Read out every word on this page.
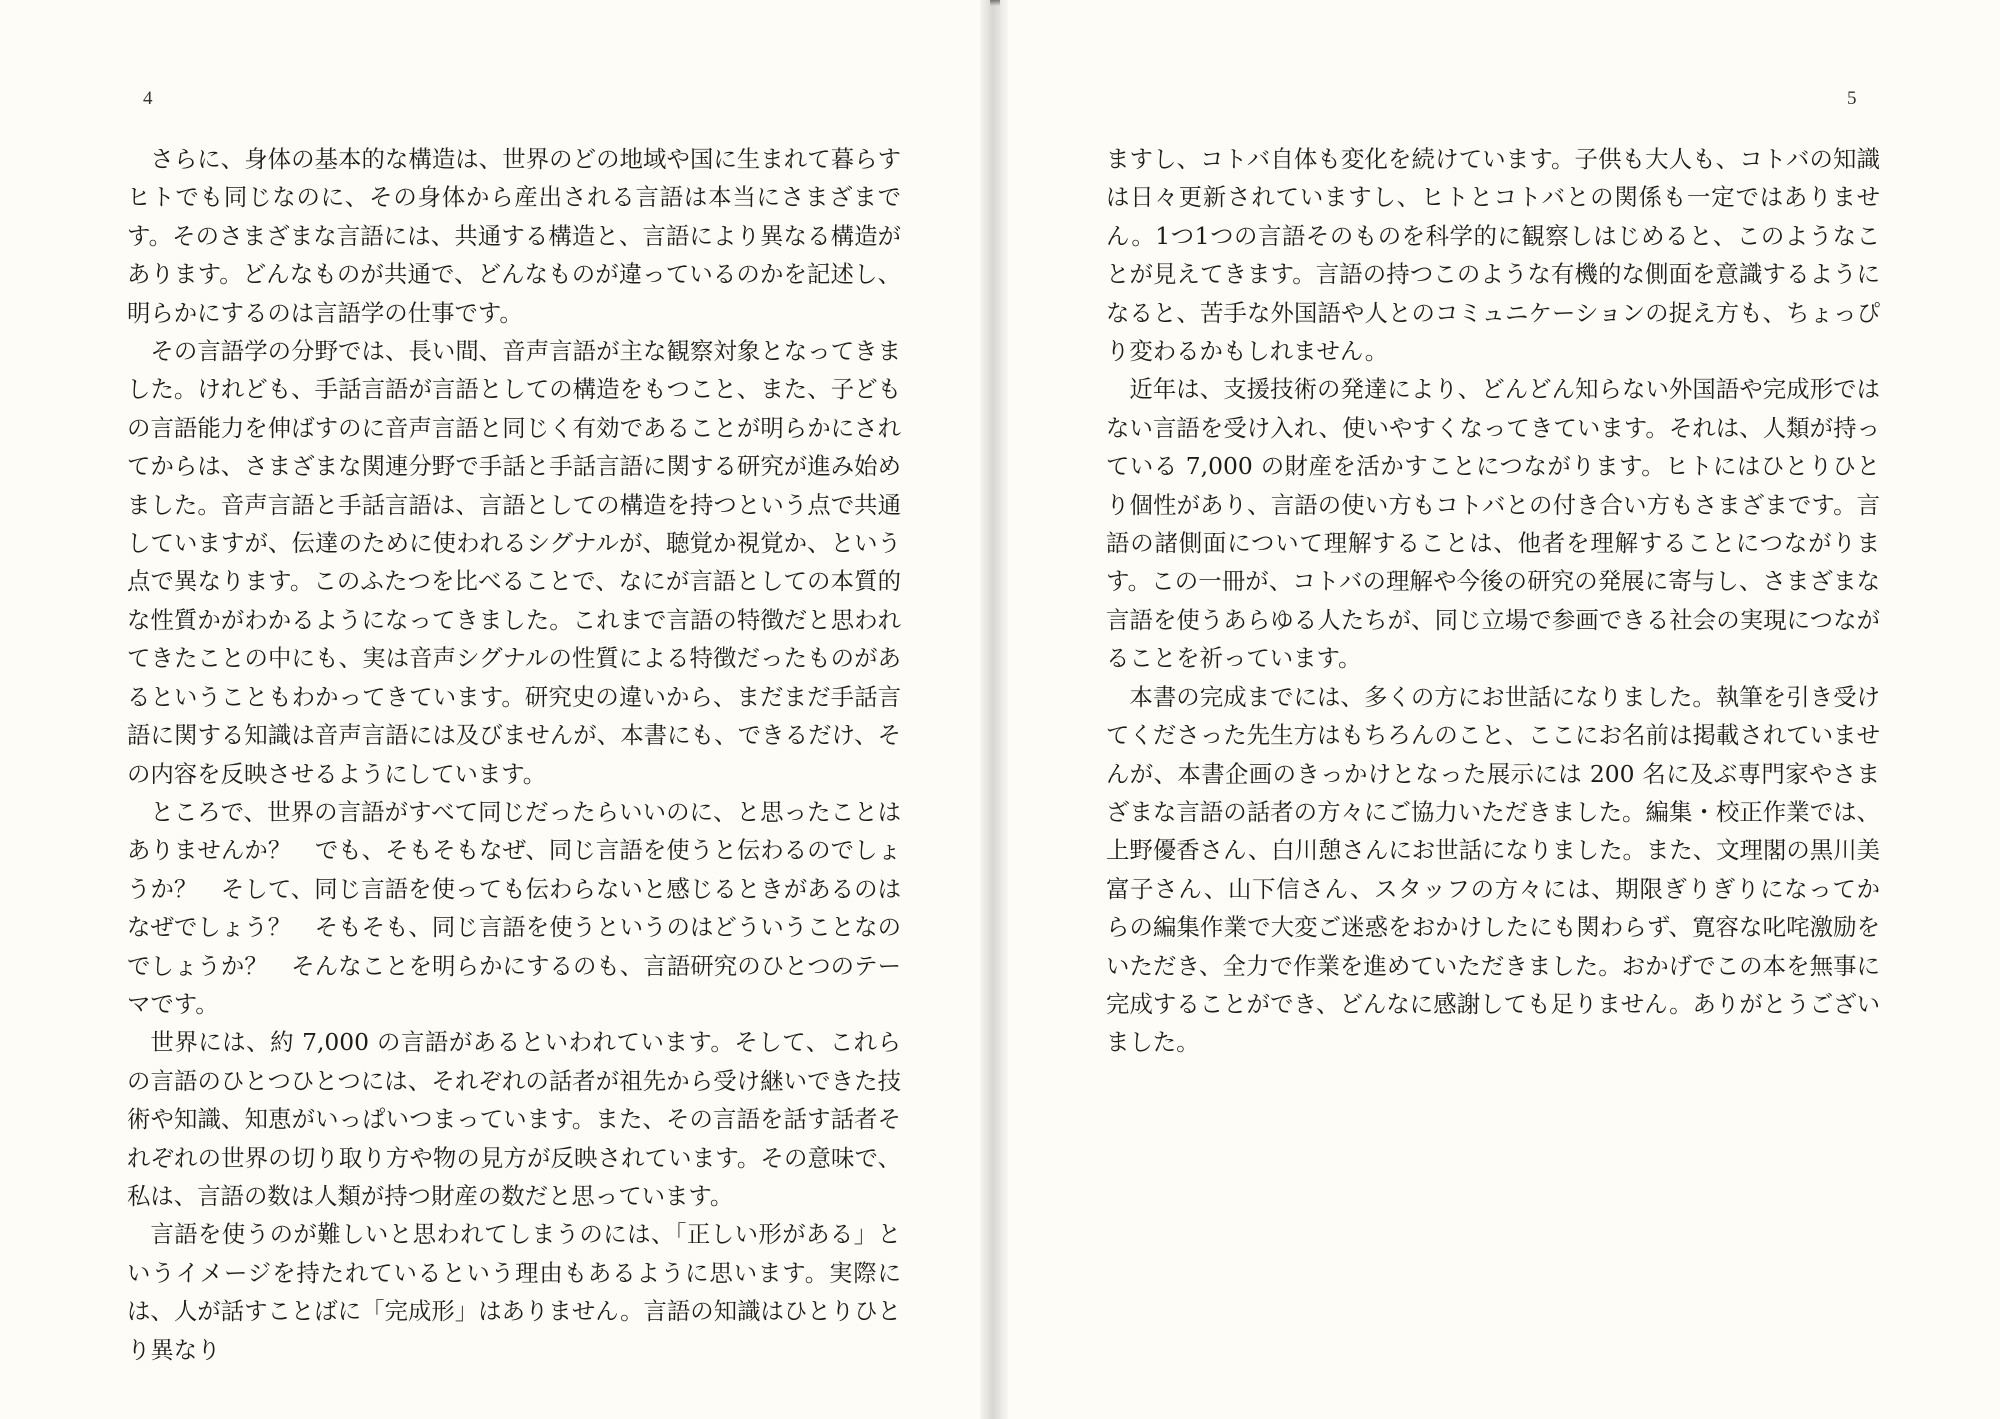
4

さらに、身体の基本的な構造は、世界のどの地域や国に生まれて暮らすヒトでも同じなのに、その身体から産出される言語は本当にさまざまです。そのさまざまな言語には、共通する構造と、言語により異なる構造があります。どんなものが共通で、どんなものが違っているのかを記述し、明らかにするのは言語学の仕事です。

その言語学の分野では、長い間、音声言語が主な観察対象となってきました。けれども、手話言語が言語としての構造をもつこと、また、子どもの言語能力を伸ばすのに音声言語と同じく有効であることが明らかにされてからは、さまざまな関連分野で手話と手話言語に関する研究が進み始めました。音声言語と手話言語は、言語としての構造を持つという点で共通していますが、伝達のために使われるシグナルが、聴覚か視覚か、という点で異なります。このふたつを比べることで、なにが言語としての本質的な性質かがわかるようになってきました。これまで言語の特徴だと思われてきたことの中にも、実は音声シグナルの性質による特徴だったものがあるということもわかってきています。研究史の違いから、まだまだ手話言語に関する知識は音声言語には及びませんが、本書にも、できるだけ、その内容を反映させるようにしています。

ところで、世界の言語がすべて同じだったらいいのに、と思ったことはありませんか？　でも、そもそもなぜ、同じ言語を使うと伝わるのでしょうか？　そして、同じ言語を使っても伝わらないと感じるときがあるのはなぜでしょう？　そもそも、同じ言語を使うというのはどういうことなのでしょうか？　そんなことを明らかにするのも、言語研究のひとつのテーマです。

世界には、約 7,000 の言語があるといわれています。そして、これらの言語のひとつひとつには、それぞれの話者が祖先から受け継いできた技術や知識、知恵がいっぱいつまっています。また、その言語を話す話者それぞれの世界の切り取り方や物の見方が反映されています。その意味で、私は、言語の数は人類が持つ財産の数だと思っています。

言語を使うのが難しいと思われてしまうのには、「正しい形がある」というイメージを持たれているという理由もあるように思います。実際には、人が話すことばに「完成形」はありません。言語の知識はひとりひとり異なり

ますし、コトバ自体も変化を続けています。子供も大人も、コトバの知識は日々更新されていますし、ヒトとコトバとの関係も一定ではありません。1つ1つの言語そのものを科学的に観察しはじめると、このようなことが見えてきます。言語の持つこのような有機的な側面を意識するようになると、苦手な外国語や人とのコミュニケーションの捉え方も、ちょっぴり変わるかもしれません。

近年は、支援技術の発達により、どんどん知らない外国語や完成形ではない言語を受け入れ、使いやすくなってきています。それは、人類が持っている 7,000 の財産を活かすことにつながります。ヒトにはひとりひとり個性があり、言語の使い方もコトバとの付き合い方もさまざまです。言語の諸側面について理解することは、他者を理解することにつながります。この一冊が、コトバの理解や今後の研究の発展に寄与し、さまざまな言語を使うあらゆる人たちが、同じ立場で参画できる社会の実現につながることを祈っています。

本書の完成までには、多くの方にお世話になりました。執筆を引き受けてくださった先生方はもちろんのこと、ここにお名前は掲載されていませんが、本書企画のきっかけとなった展示には 200 名に及ぶ専門家やさまざまな言語の話者の方々にご協力いただきました。編集・校正作業では、上野優香さん、白川憩さんにお世話になりました。また、文理閣の黒川美富子さん、山下信さん、スタッフの方々には、期限ぎりぎりになってからの編集作業で大変ご迷惑をおかけしたにも関わらず、寛容な叱咤激励をいただき、全力で作業を進めていただきました。おかげでこの本を無事に完成することができ、どんなに感謝しても足りません。ありがとうございました。

5
